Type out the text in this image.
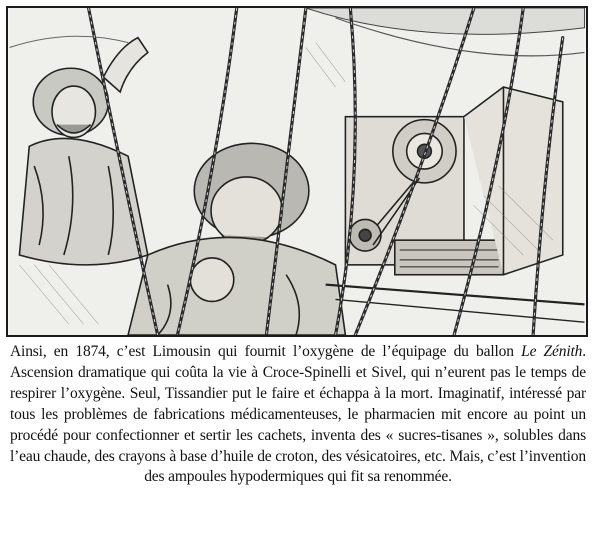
Ainsi, en 1874, c’est Limousin qui fournit l’oxygène de l’équipage du ballon Le Zénith. Ascension dramatique qui coûta la vie à Croce-Spinelli et Sivel, qui n’eurent pas le temps de respirer l’oxygène. Seul, Tissandier put le faire et échappa à la mort. Imaginatif, intéressé par tous les problèmes de fabrications médicamenteuses, le pharmacien mit encore au point un procédé pour confectionner et sertir les cachets, inventa des « sucres-tisanes », solubles dans l’eau chaude, des crayons à base d’huile de croton, des vésicatoires, etc. Mais, c’est l’invention des ampoules hypodermiques qui fit sa renommée.
